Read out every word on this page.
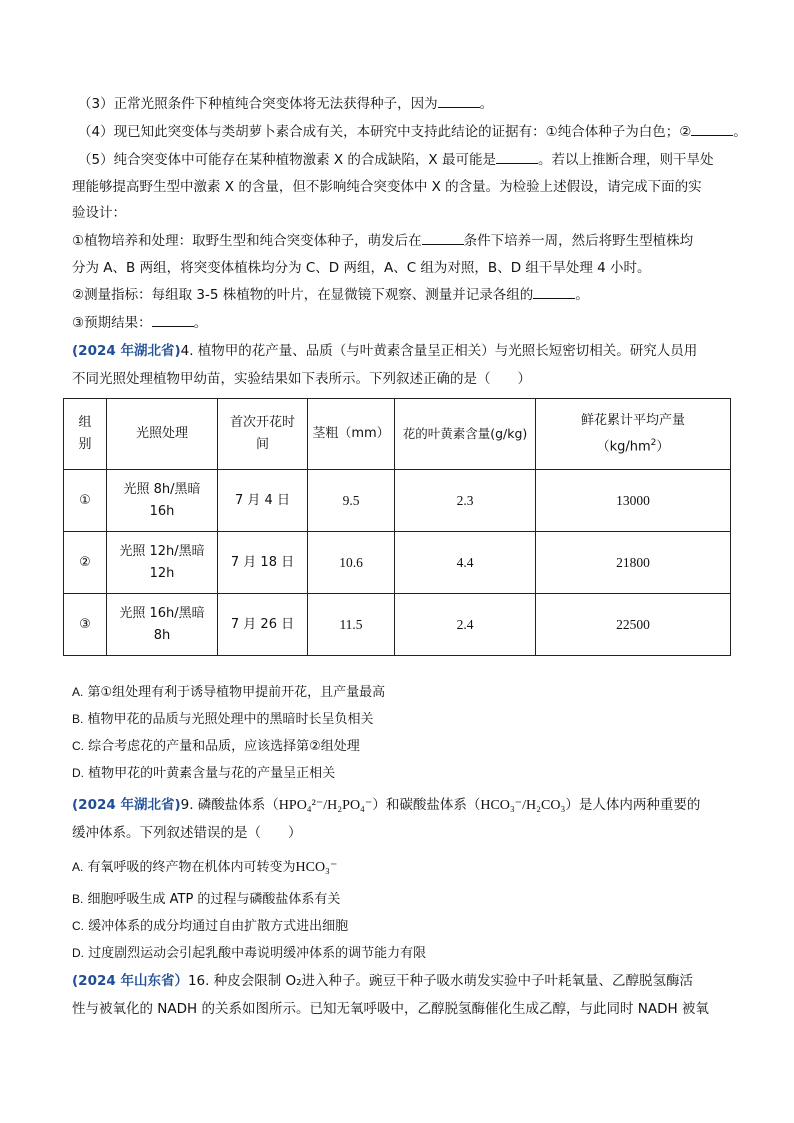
（3）正常光照条件下种植纯合突变体将无法获得种子，因为	。
（4）现已知此突变体与类胡萝卜素合成有关，本研究中支持此结论的证据有：①纯合体种子为白色；②	。
（5）纯合突变体中可能存在某种植物激素 X 的合成缺陷，X 最可能是	。若以上推断合理，则干旱处
理能够提高野生型中激素 X 的含量，但不影响纯合突变体中 X 的含量。为检验上述假设，请完成下面的实
验设计：
①植物培养和处理：取野生型和纯合突变体种子，萌发后在	条件下培养一周，然后将野生型植株均
分为 A、B 两组，将突变体植株均分为 C、D 两组，A、C 组为对照，B、D 组干旱处理 4 小时。
②测量指标：每组取 3-5 株植物的叶片，在显微镜下观察、测量并记录各组的	。
③预期结果：	。
(2024 年湖北省)4. 植物甲的花产量、品质（与叶黄素含量呈正相关）与光照长短密切相关。研究人员用
不同光照处理植物甲幼苗，实验结果如下表所示。下列叙述正确的是（　　）
组别	光照处理	首次开花时间	茎粗（mm）	花的叶黄素含量(g/kg)	鲜花累计平均产量
$(kg/hm^2)$

①	光照 8h/黑暗 16h	7 月 4 日	9.5	2.3	13000
②	光照 12h/黑暗 12h	7 月 18 日	10.6	4.4	21800
③	光照 16h/黑暗 8h	7 月 26 日	11.5	2.4	22500
A. 第①组处理有利于诱导植物甲提前开花，且产量最高
B. 植物甲花的品质与光照处理中的黑暗时长呈负相关
C. 综合考虑花的产量和品质，应该选择第②组处理
D. 植物甲花的叶黄素含量与花的产量呈正相关
(2024 年湖北省)9. 磷酸盐体系（HPO₄²⁻/H₂PO₄⁻）和碳酸盐体系（HCO₃⁻/H₂CO₃）是人体内两种重要的
缓冲体系。下列叙述错误的是（　　）
A. 有氧呼吸的终产物在机体内可转变为HCO₃⁻
B. 细胞呼吸生成 ATP 的过程与磷酸盐体系有关
C. 缓冲体系的成分均通过自由扩散方式进出细胞
D. 过度剧烈运动会引起乳酸中毒说明缓冲体系的调节能力有限
(2024 年山东省）16. 种皮会限制 O₂进入种子。豌豆干种子吸水萌发实验中子叶耗氧量、乙醇脱氢酶活
性与被氧化的 NADH 的关系如图所示。已知无氧呼吸中，乙醇脱氢酶催化生成乙醇，与此同时 NADH 被氧
